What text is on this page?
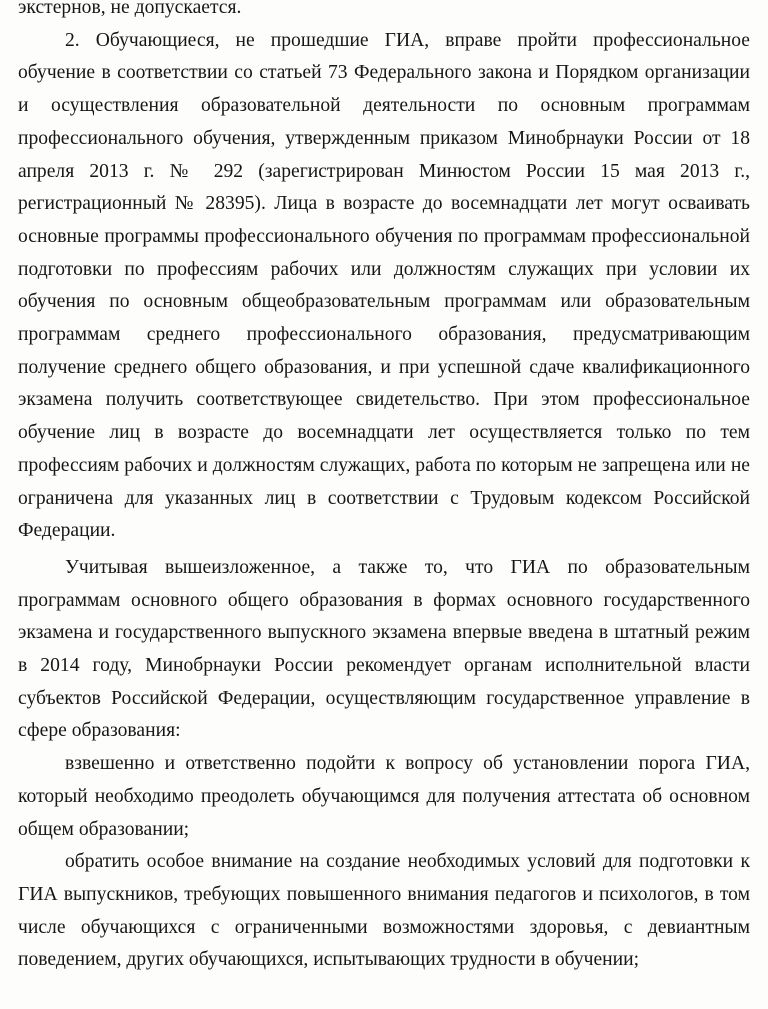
экстернов, не допускается.

2. Обучающиеся, не прошедшие ГИА, вправе пройти профессиональное обучение в соответствии со статьей 73 Федерального закона и Порядком организации и осуществления образовательной деятельности по основным программам профессионального обучения, утвержденным приказом Минобрнауки России от 18 апреля 2013 г. № 292 (зарегистрирован Минюстом России 15 мая 2013 г., регистрационный № 28395). Лица в возрасте до восемнадцати лет могут осваивать основные программы профессионального обучения по программам профессиональной подготовки по профессиям рабочих или должностям служащих при условии их обучения по основным общеобразовательным программам или образовательным программам среднего профессионального образования, предусматривающим получение среднего общего образования, и при успешной сдаче квалификационного экзамена получить соответствующее свидетельство. При этом профессиональное обучение лиц в возрасте до восемнадцати лет осуществляется только по тем профессиям рабочих и должностям служащих, работа по которым не запрещена или не ограничена для указанных лиц в соответствии с Трудовым кодексом Российской Федерации.

Учитывая вышеизложенное, а также то, что ГИА по образовательным программам основного общего образования в формах основного государственного экзамена и государственного выпускного экзамена впервые введена в штатный режим в 2014 году, Минобрнауки России рекомендует органам исполнительной власти субъектов Российской Федерации, осуществляющим государственное управление в сфере образования:

взвешенно и ответственно подойти к вопросу об установлении порога ГИА, который необходимо преодолеть обучающимся для получения аттестата об основном общем образовании;

обратить особое внимание на создание необходимых условий для подготовки к ГИА выпускников, требующих повышенного внимания педагогов и психологов, в том числе обучающихся с ограниченными возможностями здоровья, с девиантным поведением, других обучающихся, испытывающих трудности в обучении;
